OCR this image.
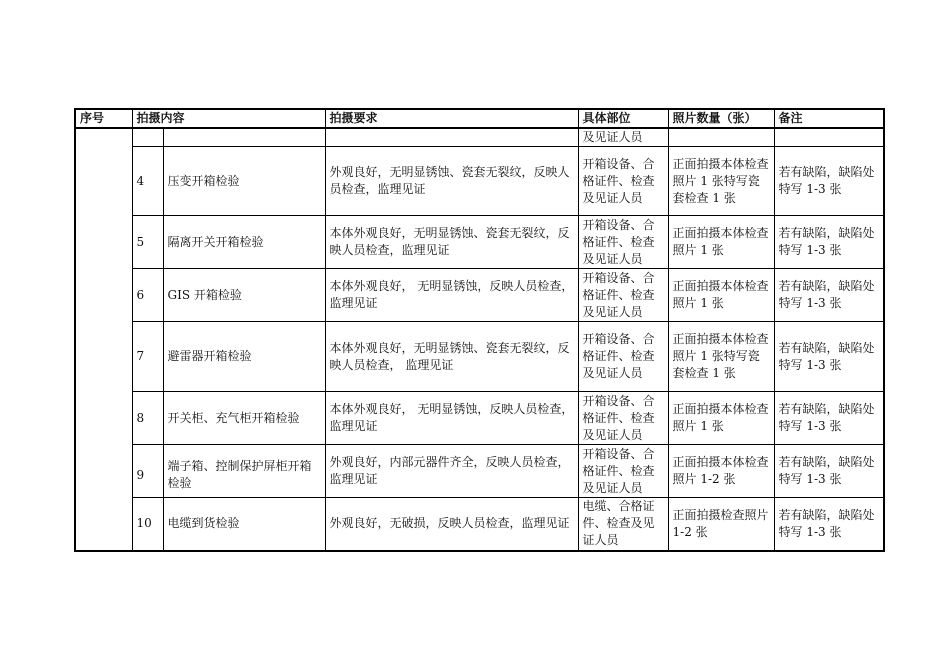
序号	拍摄内容		拍摄要求	具体部位	照片数量（张）	备注
				及见证人员		
	4	压变开箱检验	外观良好，无明显锈蚀、瓷套无裂纹，反映人员检查，监理见证	开箱设备、合格证件、检查及见证人员	正面拍摄本体检查照片 1 张特写瓷套检查 1 张	若有缺陷，缺陷处特写 1-3 张
	5	隔离开关开箱检验	本体外观良好，无明显锈蚀、瓷套无裂纹，反映人员检查，监理见证	开箱设备、合格证件、检查及见证人员	正面拍摄本体检查照片 1 张	若有缺陷，缺陷处特写 1-3 张
	6	GIS 开箱检验	本体外观良好， 无明显锈蚀，反映人员检查， 监理见证	开箱设备、合格证件、检查及见证人员	正面拍摄本体检查照片 1 张	若有缺陷，缺陷处特写 1-3 张
	7	避雷器开箱检验	本体外观良好，无明显锈蚀、瓷套无裂纹，反映人员检查， 监理见证	开箱设备、合格证件、检查及见证人员	正面拍摄本体检查照片 1 张特写瓷套检查 1 张	若有缺陷，缺陷处特写 1-3 张
	8	开关柜、充气柜开箱检验	本体外观良好， 无明显锈蚀，反映人员检查， 监理见证	开箱设备、合格证件、检查及见证人员	正面拍摄本体检查照片 1 张	若有缺陷，缺陷处特写 1-3 张
	9	端子箱、控制保护屏柜开箱检验	外观良好，内部元器件齐全，反映人员检查，监理见证	开箱设备、合格证件、检查及见证人员	正面拍摄本体检查照片 1-2 张	若有缺陷，缺陷处特写 1-3 张
	10	电缆到货检验	外观良好，无破损，反映人员检查，监理见证	电缆、合格证件、检查及见证人员	正面拍摄检查照片 1-2 张	若有缺陷，缺陷处特写 1-3 张
